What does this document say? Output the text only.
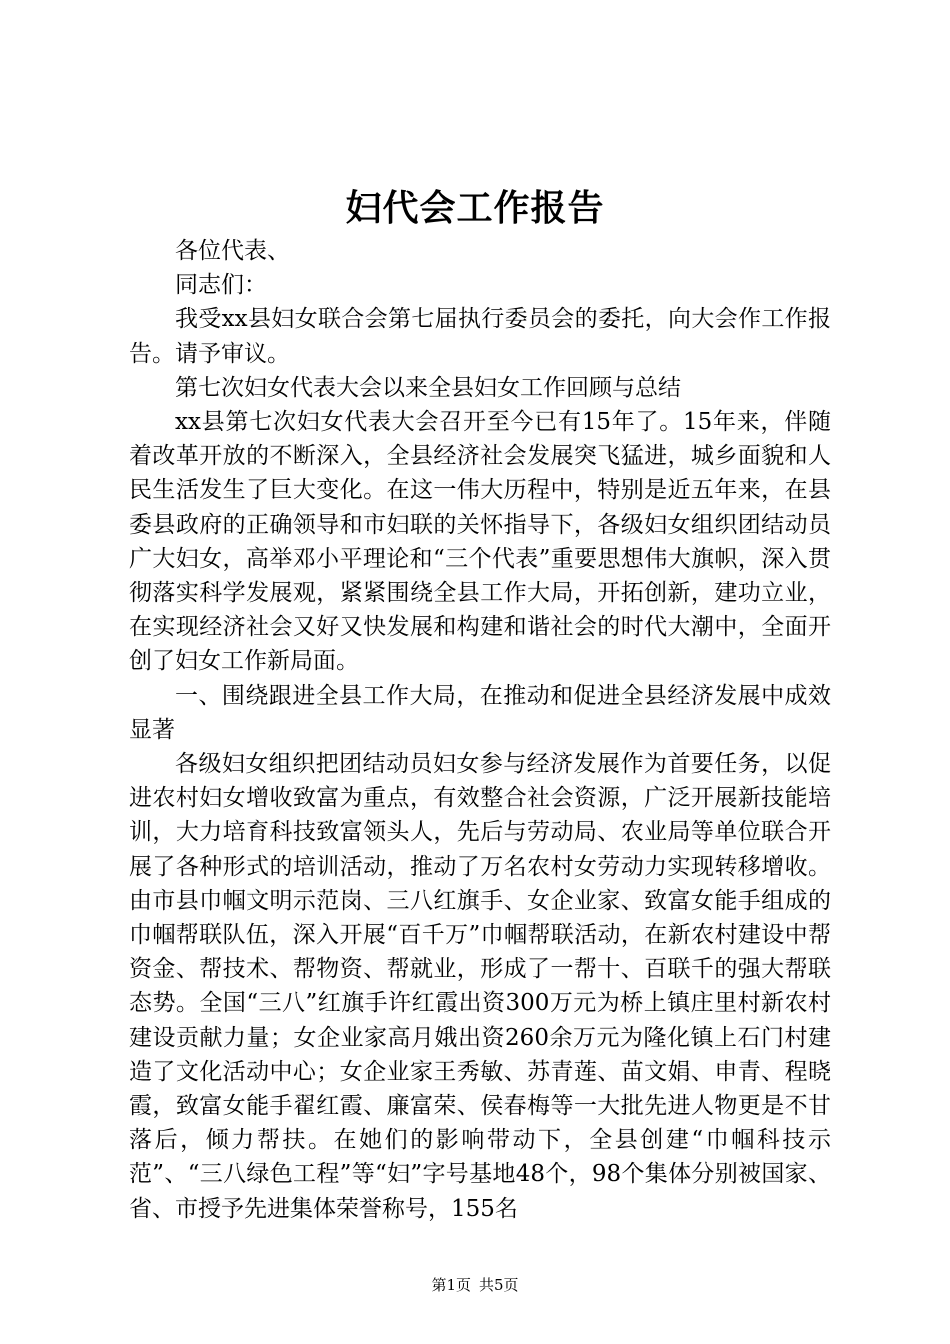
妇代会工作报告

各位代表、

同志们：

我受xx县妇女联合会第七届执行委员会的委托，向大会作工作报告。请予审议。

第七次妇女代表大会以来全县妇女工作回顾与总结

xx县第七次妇女代表大会召开至今已有15年了。15年来，伴随着改革开放的不断深入，全县经济社会发展突飞猛进，城乡面貌和人民生活发生了巨大变化。在这一伟大历程中，特别是近五年来，在县委县政府的正确领导和市妇联的关怀指导下，各级妇女组织团结动员广大妇女，高举邓小平理论和“三个代表”重要思想伟大旗帜，深入贯彻落实科学发展观，紧紧围绕全县工作大局，开拓创新，建功立业，在实现经济社会又好又快发展和构建和谐社会的时代大潮中，全面开创了妇女工作新局面。

一、围绕跟进全县工作大局，在推动和促进全县经济发展中成效显著

各级妇女组织把团结动员妇女参与经济发展作为首要任务，以促进农村妇女增收致富为重点，有效整合社会资源，广泛开展新技能培训，大力培育科技致富领头人，先后与劳动局、农业局等单位联合开展了各种形式的培训活动，推动了万名农村女劳动力实现转移增收。由市县巾帼文明示范岗、三八红旗手、女企业家、致富女能手组成的巾帼帮联队伍，深入开展“百千万”巾帼帮联活动，在新农村建设中帮资金、帮技术、帮物资、帮就业，形成了一帮十、百联千的强大帮联态势。全国“三八”红旗手许红霞出资300万元为桥上镇庄里村新农村建设贡献力量；女企业家高月娥出资260余万元为隆化镇上石门村建造了文化活动中心；女企业家王秀敏、苏青莲、苗文娟、申青、程晓霞，致富女能手翟红霞、廉富荣、侯春梅等一大批先进人物更是不甘落后，倾力帮扶。在她们的影响带动下，全县创建“巾帼科技示范”、“三八绿色工程”等“妇”字号基地48个，98个集体分别被国家、省、市授予先进集体荣誉称号，155名

第1页 共5页
